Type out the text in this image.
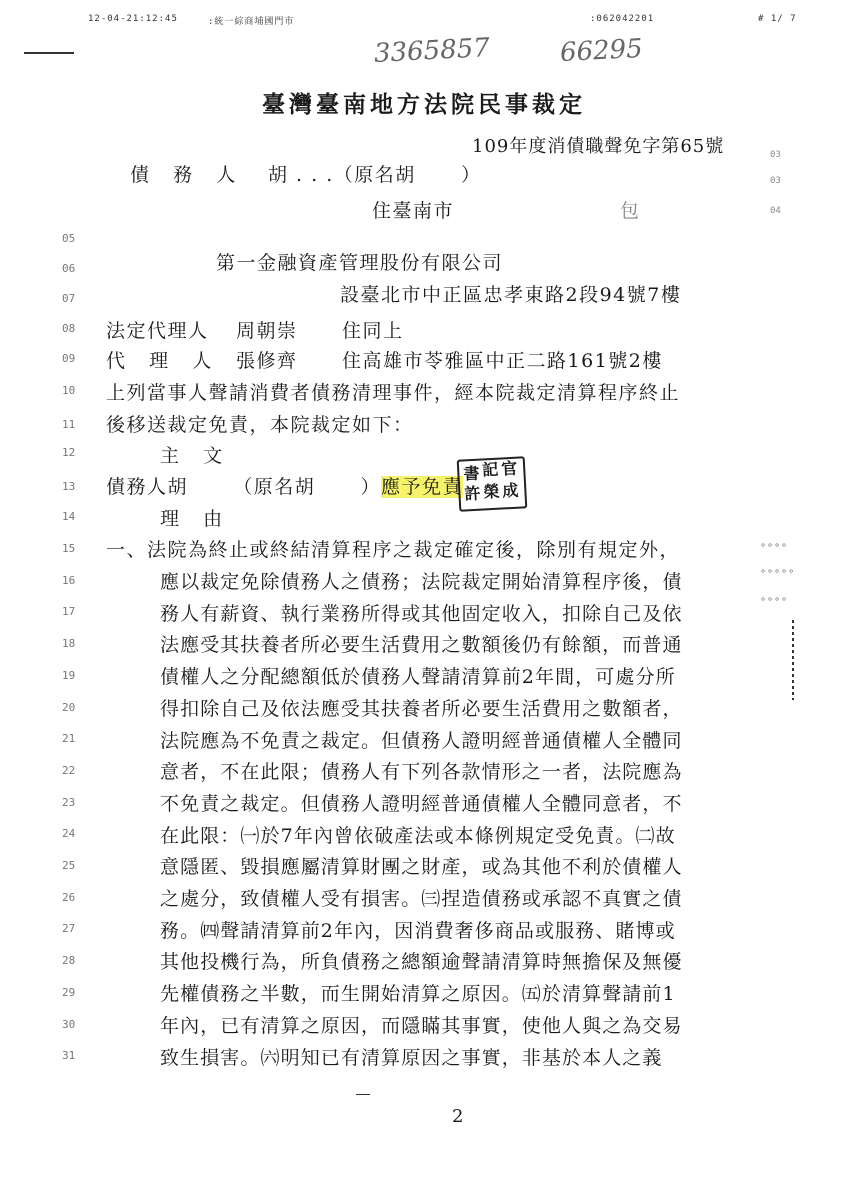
12-04-21:12:45	:統一綜商埔國門市	:062042201	# 1/ 7
3365857	66295
臺灣臺南地方法院民事裁定
109年度消債職聲免字第65號
債   務   人 胡 . . .（原名胡      ）
住臺南市	包
第一金融資產管理股份有限公司
設臺北市中正區忠孝東路2段94號7樓
法定代理人 周朝崇 住同上
代   理   人 張修齊 住高雄市苓雅區中正二路161號2樓
上列當事人聲請消費者債務清理事件，經本院裁定清算程序終止
後移送裁定免責，本院裁定如下：
主   文
債務人胡      （原名胡      ）應予免責
書 記 官
許 榮 成
理   由
一、法院為終止或終結清算程序之裁定確定後，除別有規定外，
應以裁定免除債務人之債務；法院裁定開始清算程序後，債
務人有薪資、執行業務所得或其他固定收入，扣除自己及依
法應受其扶養者所必要生活費用之數額後仍有餘額，而普通
債權人之分配總額低於債務人聲請清算前2年間，可處分所
得扣除自己及依法應受其扶養者所必要生活費用之數額者，
法院應為不免責之裁定。但債務人證明經普通債權人全體同
意者，不在此限；債務人有下列各款情形之一者，法院應為
不免責之裁定。但債務人證明經普通債權人全體同意者，不
在此限：㈠於7年內曾依破產法或本條例規定受免責。㈡故
意隱匿、毀損應屬清算財團之財產，或為其他不利於債權人
之處分，致債權人受有損害。㈢捏造債務或承認不真實之債
務。㈣聲請清算前2年內，因消費奢侈商品或服務、賭博或
其他投機行為，所負債務之總額逾聲請清算時無擔保及無優
先權債務之半數，而生開始清算之原因。㈤於清算聲請前1
年內，已有清算之原因，而隱瞞其事實，使他人與之為交易
致生損害。㈥明知已有清算原因之事實，非基於本人之義
05
06
07
08
09
10
11
12
13
14
15
16
17
18
19
20
21
22
23
24
25
26
27
28
29
30
31
03
03
04
ᵒᵒᵒᵒ
ᵒᵒᵒᵒᵒ
ᵒᵒᵒᵒ
2
